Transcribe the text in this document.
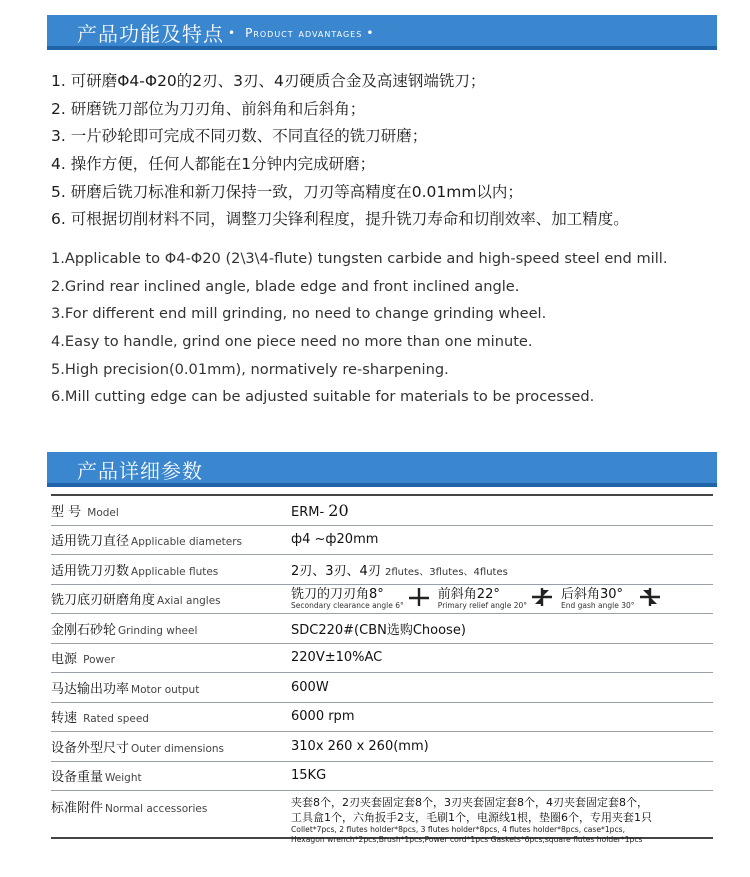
产品功能及特点 • Product advantages •
1. 可研磨Φ4-Φ20的2刃、3刃、4刃硬质合金及高速钢端铣刀；
2. 研磨铣刀部位为刀刃角、前斜角和后斜角；
3. 一片砂轮即可完成不同刃数、不同直径的铣刀研磨；
4. 操作方便，任何人都能在1分钟内完成研磨；
5. 研磨后铣刀标准和新刀保持一致，刀刃等高精度在0.01mm以内；
6. 可根据切削材料不同，调整刀尖锋利程度，提升铣刀寿命和切削效率、加工精度。
1.Applicable to Φ4-Φ20 (2\3\4-flute) tungsten carbide and high-speed steel end mill.
2.Grind rear inclined angle, blade edge and front inclined angle.
3.For different end mill grinding, no need to change grinding wheel.
4.Easy to handle, grind one piece need no more than one minute.
5.High precision(0.01mm), normatively re-sharpening.
6.Mill cutting edge can be adjusted suitable for materials to be processed.
产品详细参数
型 号 Model	ERM- 20
适用铣刀直径 Applicable diameters	ф4 ~ф20mm
适用铣刀刃数 Applicable flutes	2刃、3刃、4刃 2flutes、3flutes、4flutes
铣刀底刃研磨角度 Axial angles	铣刀的刀刃角8°
Secondary clearance angle 6°
前斜角22°
Primary relief angle 20°
后斜角30°
End gash angle 30°
金刚石砂轮 Grinding wheel	SDC220#(CBN选购Choose)
电源 Power	220V±10%AC
马达输出功率 Motor output	600W
转速 Rated speed	6000 rpm
设备外型尺寸 Outer dimensions	310x 260 x 260(mm)
设备重量 Weight	15KG
标准附件 Normal accessories	夹套8个，2刃夹套固定套8个，3刃夹套固定套8个，4刃夹套固定套8个，
工具盒1个，六角扳手2支，毛刷1个，电源线1根，垫圈6个，专用夹套1只
Collet*7pcs, 2 flutes holder*8pcs, 3 flutes holder*8pcs, 4 flutes holder*8pcs, case*1pcs,
Hexagon wrench*2pcs,Brush*1pcs,Power cord*1pcs Gaskets*6pcs,square flutes holder*1pcs
